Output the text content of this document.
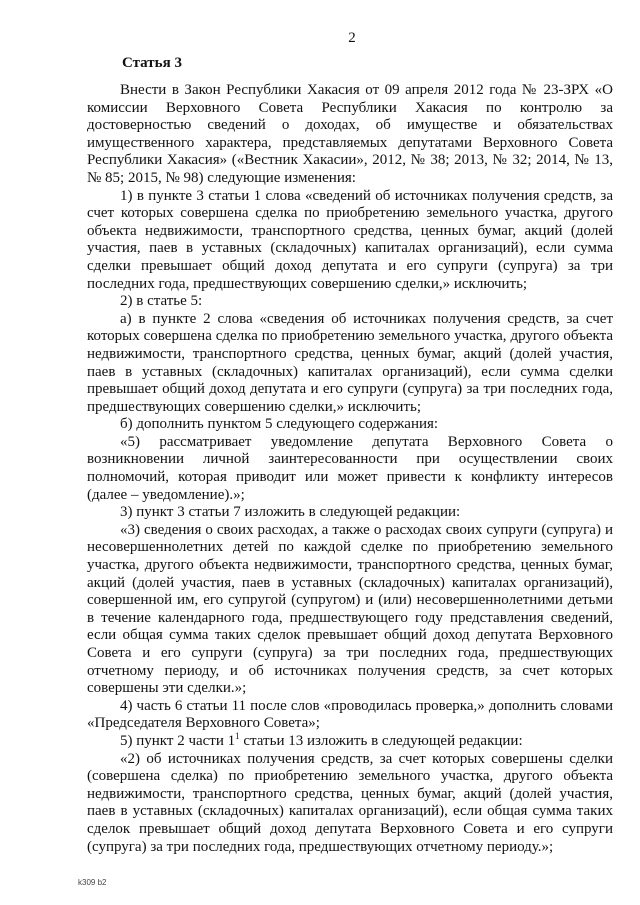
2
Статья 3

Внести в Закон Республики Хакасия от 09 апреля 2012 года № 23-ЗРХ «О комиссии Верховного Совета Республики Хакасия по контролю за достоверностью сведений о доходах, об имуществе и обязательствах имущественного характера, представляемых депутатами Верховного Совета Республики Хакасия» («Вестник Хакасии», 2012, № 38; 2013, № 32; 2014, № 13, № 85; 2015, № 98) следующие изменения:

1) в пункте 3 статьи 1 слова «сведений об источниках получения средств, за счет которых совершена сделка по приобретению земельного участка, другого объекта недвижимости, транспортного средства, ценных бумаг, акций (долей участия, паев в уставных (складочных) капиталах организаций), если сумма сделки превышает общий доход депутата и его супруги (супруга) за три последних года, предшествующих совершению сделки,» исключить;

2) в статье 5:

а) в пункте 2 слова «сведения об источниках получения средств, за счет которых совершена сделка по приобретению земельного участка, другого объекта недвижимости, транспортного средства, ценных бумаг, акций (долей участия, паев в уставных (складочных) капиталах организаций), если сумма сделки превышает общий доход депутата и его супруги (супруга) за три последних года, предшествующих совершению сделки,» исключить;

б) дополнить пунктом 5 следующего содержания:

«5) рассматривает уведомление депутата Верховного Совета о возникновении личной заинтересованности при осуществлении своих полномочий, которая приводит или может привести к конфликту интересов (далее – уведомление).»;

3) пункт 3 статьи 7 изложить в следующей редакции:

«3) сведения о своих расходах, а также о расходах своих супруги (супруга) и несовершеннолетних детей по каждой сделке по приобретению земельного участка, другого объекта недвижимости, транспортного средства, ценных бумаг, акций (долей участия, паев в уставных (складочных) капиталах организаций), совершенной им, его супругой (супругом) и (или) несовершеннолетними детьми в течение календарного года, предшествующего году представления сведений, если общая сумма таких сделок превышает общий доход депутата Верховного Совета и его супруги (супруга) за три последних года, предшествующих отчетному периоду, и об источниках получения средств, за счет которых совершены эти сделки.»;

4) часть 6 статьи 11 после слов «проводилась проверка,» дополнить словами «Председателя Верховного Совета»;

5) пункт 2 части $1^1$ статьи 13 изложить в следующей редакции:

«2) об источниках получения средств, за счет которых совершены сделки (совершена сделка) по приобретению земельного участка, другого объекта недвижимости, транспортного средства, ценных бумаг, акций (долей участия, паев в уставных (складочных) капиталах организаций), если общая сумма таких сделок превышает общий доход депутата Верховного Совета и его супруги (супруга) за три последних года, предшествующих отчетному периоду.»;

k309 b2
